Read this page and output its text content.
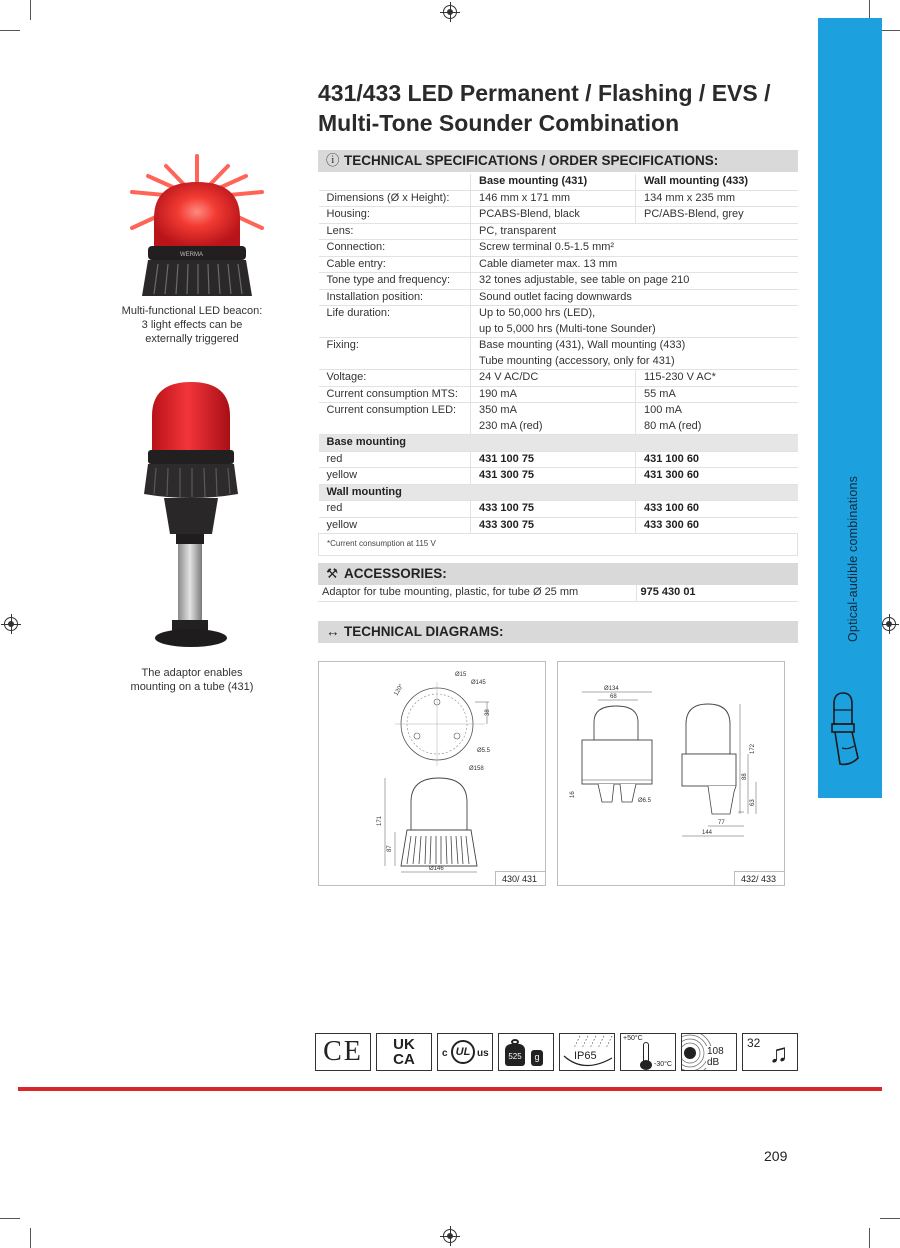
Optical-audible combinations
431/433 LED Permanent / Flashing / EVS /
Multi-Tone Sounder Combination
WERMA
Multi-functional LED beacon:
3 light effects can be
externally triggered
The adaptor enables
mounting on a tube (431)
ⓘ TECHNICAL SPECIFICATIONS / ORDER SPECIFICATIONS:
	Base mounting (431)	Wall mounting (433)
Dimensions (Ø x Height):	146 mm x 171 mm	134 mm x 235 mm
Housing:	PCABS-Blend, black	PC/ABS-Blend, grey
Lens:	PC, transparent	
Connection:	Screw terminal 0.5-1.5 mm²	
Cable entry:	Cable diameter max. 13 mm	
Tone type and frequency:	32 tones adjustable, see table on page 210	
Installation position:	Sound outlet facing downwards	
Life duration:	Up to 50,000 hrs (LED),	
	up to 5,000 hrs (Multi-tone Sounder)	
Fixing:	Base mounting (431), Wall mounting (433)	
	Tube mounting (accessory, only for 431)	
Voltage:	24 V AC/DC	115-230 V AC*
Current consumption MTS:	190 mA	55 mA
Current consumption LED:	350 mA	100 mA
	230 mA (red)	80 mA (red)
Base mounting		
red	431 100 75	431 100 60
yellow	431 300 75	431 300 60
Wall mounting		
red	433 100 75	433 100 60
yellow	433 300 75	433 300 60
*Current consumption at 115 V		
⚒ ACCESSORIES:
Adaptor for tube mounting, plastic, for tube Ø 25 mm	975 430 01
↔ TECHNICAL DIAGRAMS:
Ø15
Ø145
120°
38
Ø5.5
Ø158
171
87
Ø146
430/ 431
Ø134
68
16
Ø6.5
172
88
63
77
144
432/ 433
CE	UK
CA	c UL us	525	g	IP65
+50°C
-30°C
108 dB
32 ♫
209
